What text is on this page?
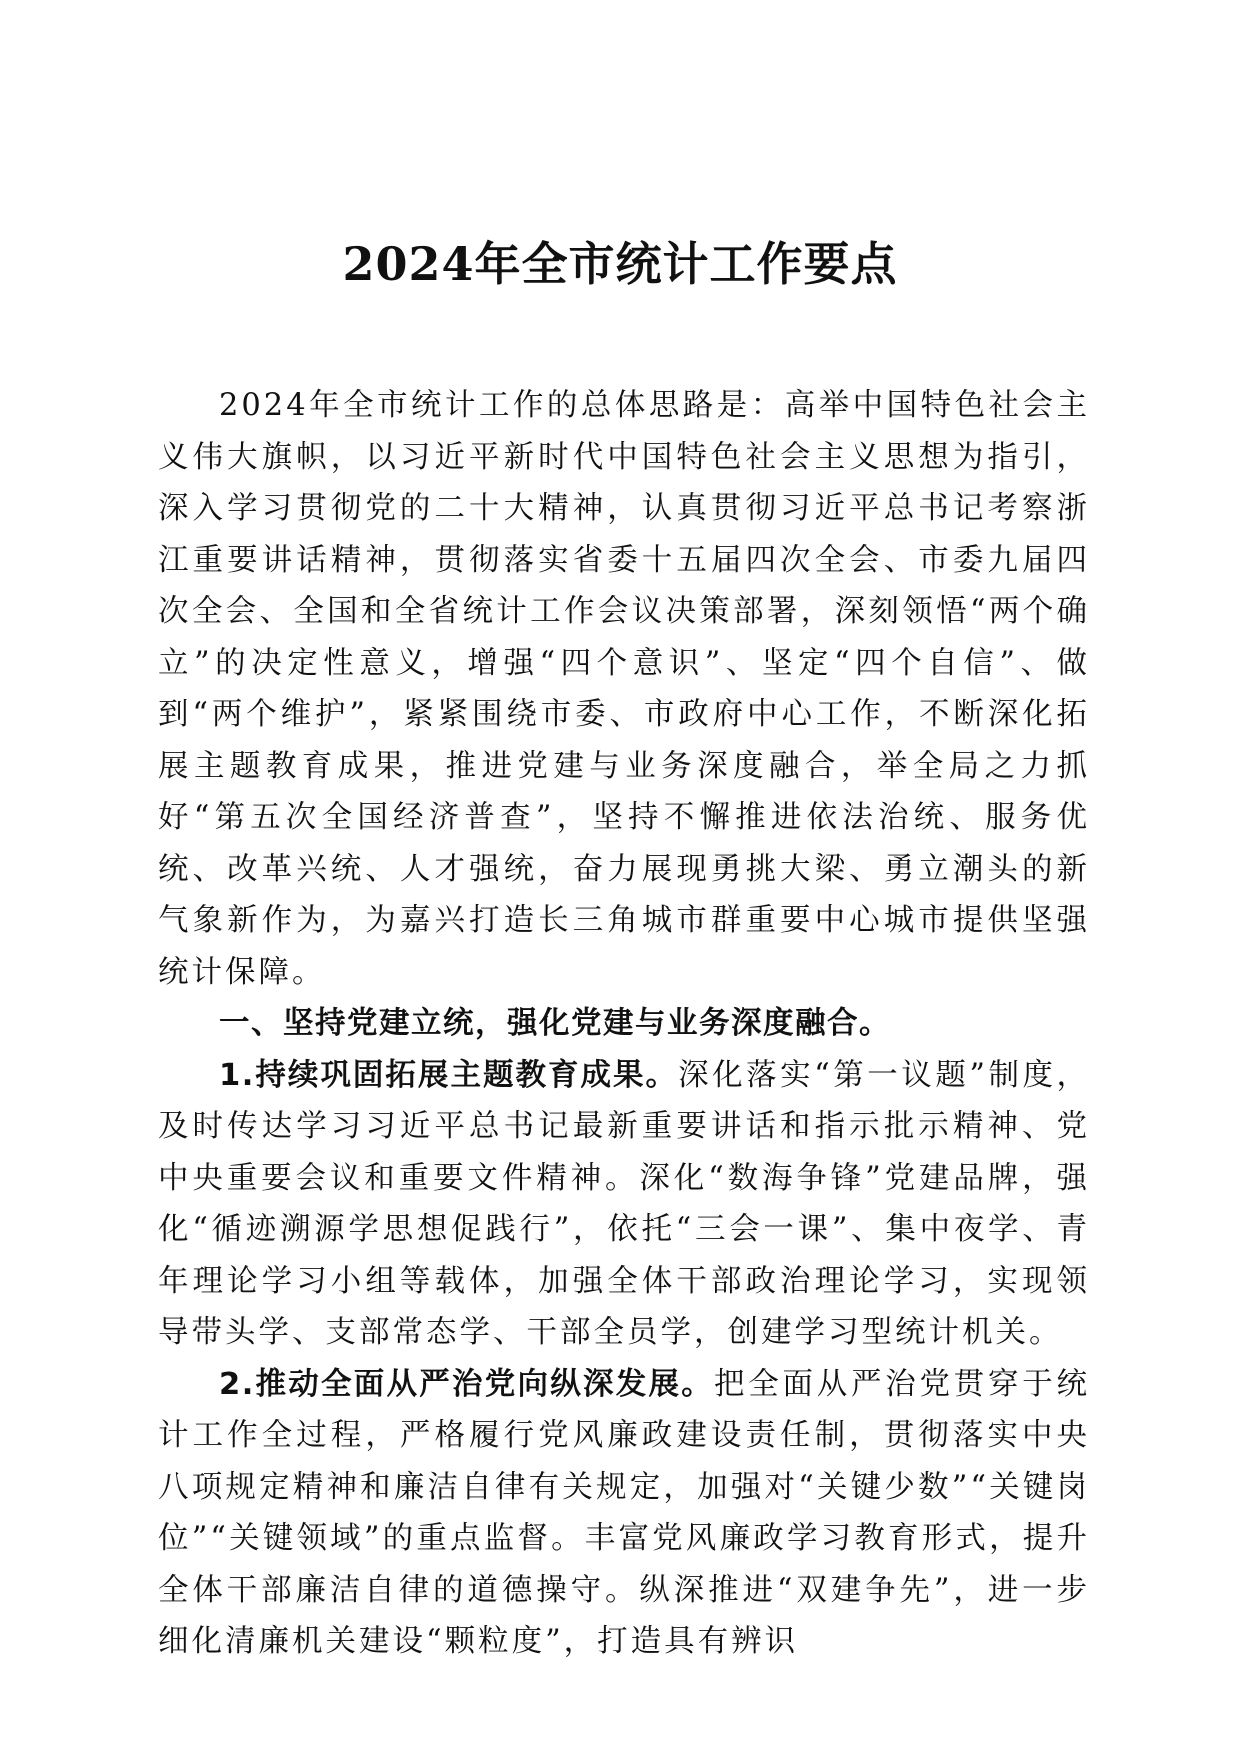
2024年全市统计工作要点

2024年全市统计工作的总体思路是：高举中国特色社会主义伟大旗帜，以习近平新时代中国特色社会主义思想为指引，深入学习贯彻党的二十大精神，认真贯彻习近平总书记考察浙江重要讲话精神，贯彻落实省委十五届四次全会、市委九届四次全会、全国和全省统计工作会议决策部署，深刻领悟“两个确立”的决定性意义，增强“四个意识”、坚定“四个自信”、做到“两个维护”，紧紧围绕市委、市政府中心工作，不断深化拓展主题教育成果，推进党建与业务深度融合，举全局之力抓好“第五次全国经济普查”，坚持不懈推进依法治统、服务优统、改革兴统、人才强统，奋力展现勇挑大梁、勇立潮头的新气象新作为，为嘉兴打造长三角城市群重要中心城市提供坚强统计保障。

一、坚持党建立统，强化党建与业务深度融合。

1.持续巩固拓展主题教育成果。深化落实“第一议题”制度，及时传达学习习近平总书记最新重要讲话和指示批示精神、党中央重要会议和重要文件精神。深化“数海争锋”党建品牌，强化“循迹溯源学思想促践行”，依托“三会一课”、集中夜学、青年理论学习小组等载体，加强全体干部政治理论学习，实现领导带头学、支部常态学、干部全员学，创建学习型统计机关。

2.推动全面从严治党向纵深发展。把全面从严治党贯穿于统计工作全过程，严格履行党风廉政建设责任制，贯彻落实中央八项规定精神和廉洁自律有关规定，加强对“关键少数”“关键岗位”“关键领域”的重点监督。丰富党风廉政学习教育形式，提升全体干部廉洁自律的道德操守。纵深推进“双建争先”，进一步细化清廉机关建设“颗粒度”，打造具有辨识
